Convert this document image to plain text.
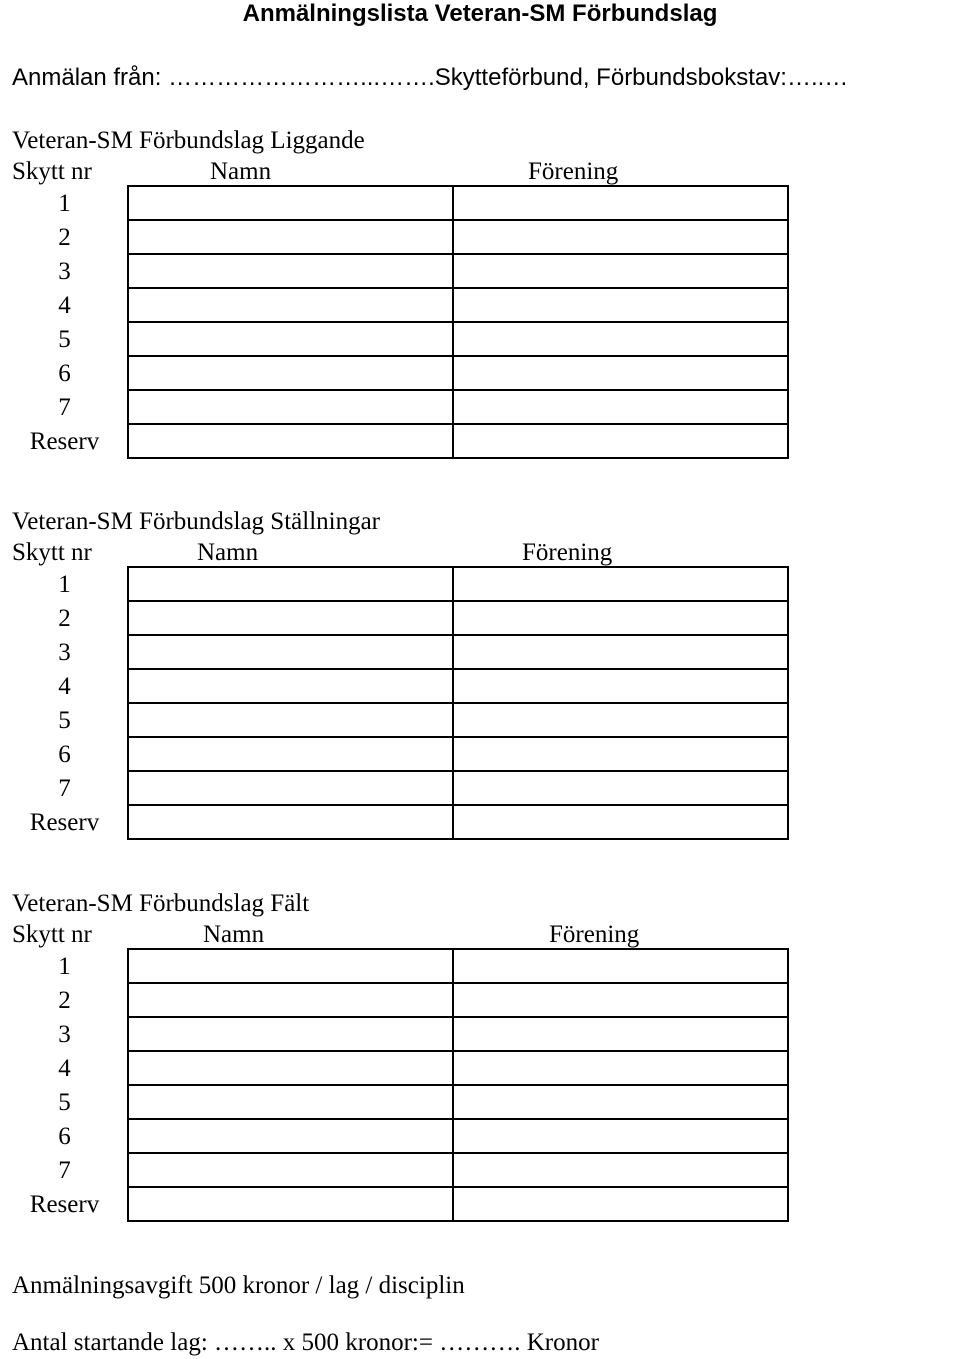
Anmälningslista Veteran-SM Förbundslag
Anmälan från: ……………………...…….Skytteförbund, Förbundsbokstav:…..…
Veteran-SM Förbundslag Liggande
Skytt nr	Namn	Förening
1		
2		
3		
4		
5		
6		
7		
Reserv		
Veteran-SM Förbundslag Ställningar
Skytt nr	Namn	Förening
1		
2		
3		
4		
5		
6		
7		
Reserv		
Veteran-SM Förbundslag Fält
Skytt nr	Namn	Förening
1		
2		
3		
4		
5		
6		
7		
Reserv		
Anmälningsavgift 500 kronor / lag / disciplin
Antal startande lag: …….. x 500 kronor:= ………. Kronor
